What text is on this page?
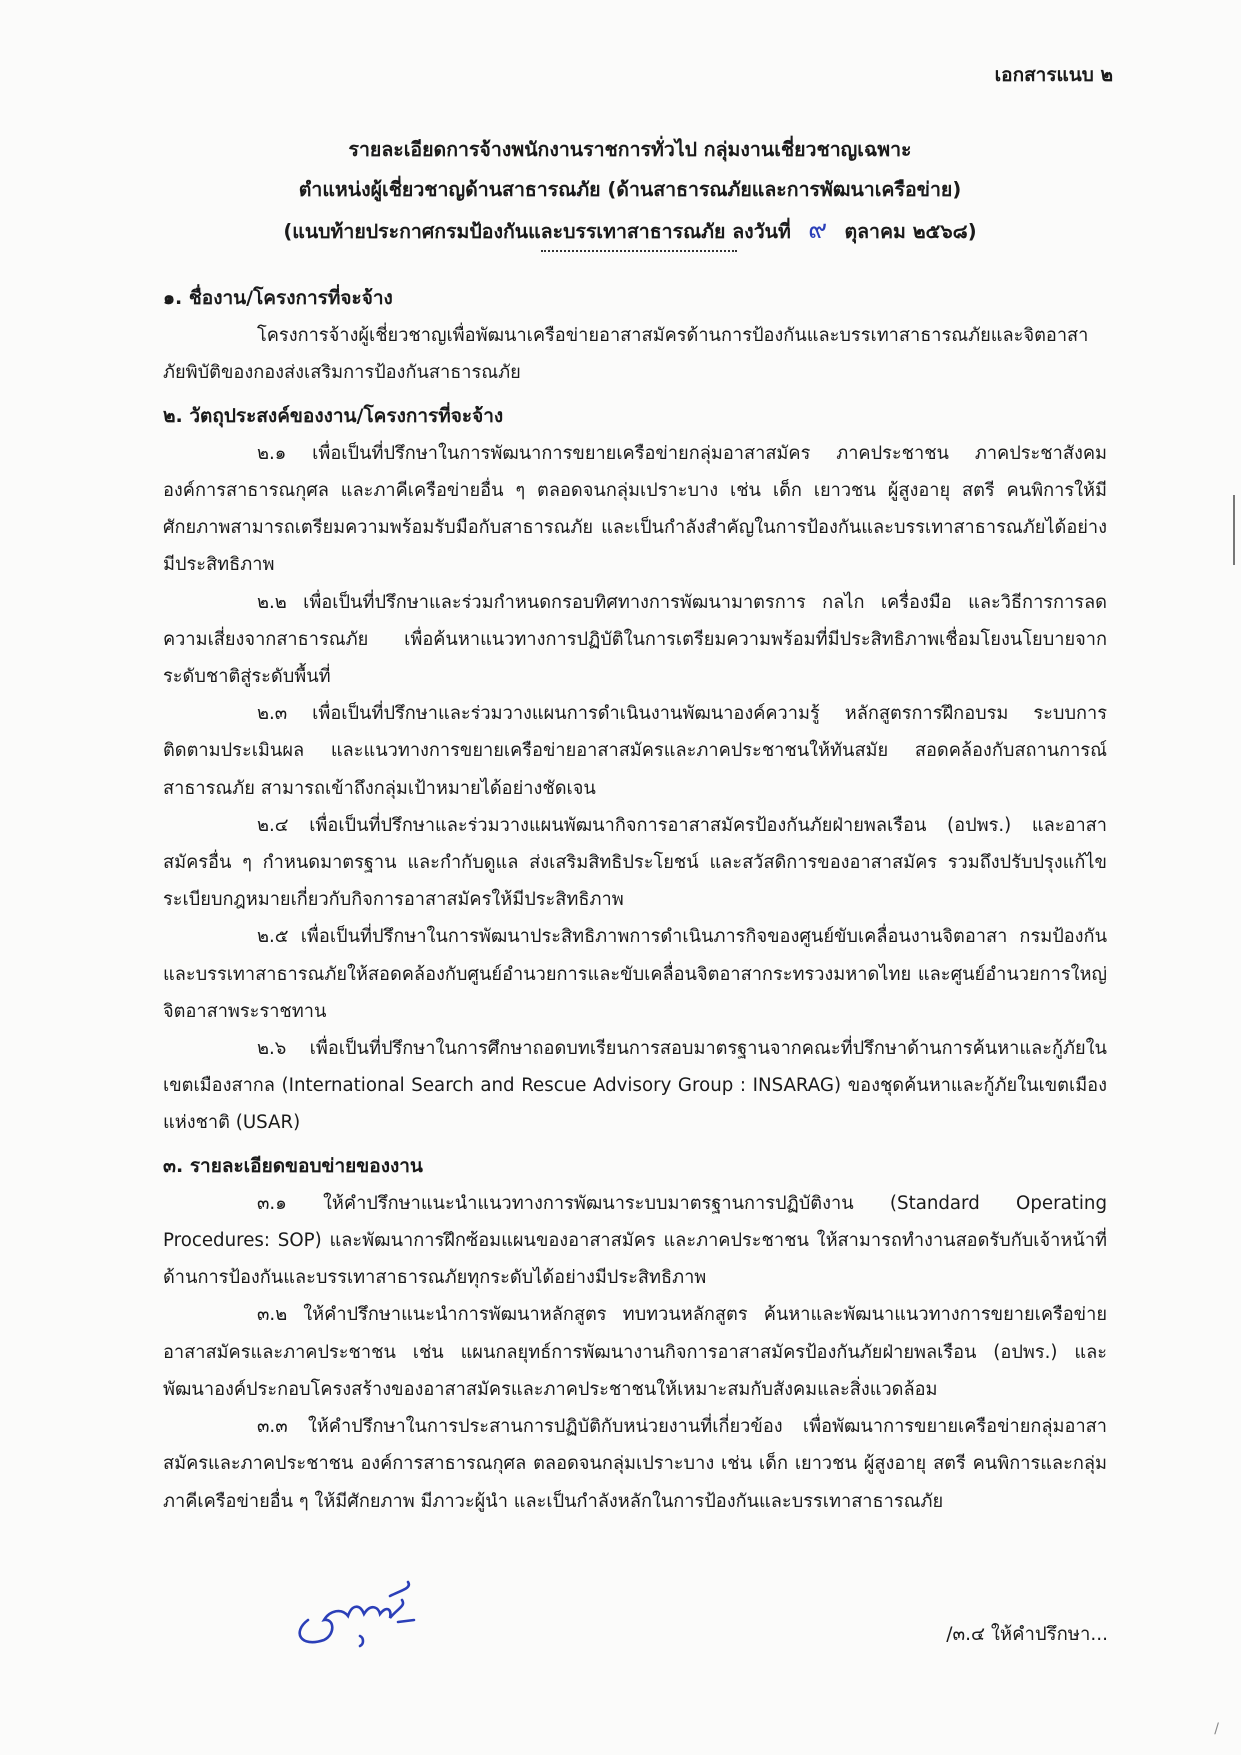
เอกสารแนบ ๒
รายละเอียดการจ้างพนักงานราชการทั่วไป กลุ่มงานเชี่ยวชาญเฉพาะ
ตำแหน่งผู้เชี่ยวชาญด้านสาธารณภัย (ด้านสาธารณภัยและการพัฒนาเครือข่าย)
(แนบท้ายประกาศกรมป้องกันและบรรเทาสาธารณภัย ลงวันที่ ๙ ตุลาคม ๒๕๖๘)

๑. ชื่องาน/โครงการที่จะจ้าง

โครงการจ้างผู้เชี่ยวชาญเพื่อพัฒนาเครือข่ายอาสาสมัครด้านการป้องกันและบรรเทาสาธารณภัยและจิตอาสาภัยพิบัติของกองส่งเสริมการป้องกันสาธารณภัย

๒. วัตถุประสงค์ของงาน/โครงการที่จะจ้าง

๒.๑ เพื่อเป็นที่ปรึกษาในการพัฒนาการขยายเครือข่ายกลุ่มอาสาสมัคร ภาคประชาชน ภาคประชาสังคม องค์การสาธารณกุศล และภาคีเครือข่ายอื่น ๆ ตลอดจนกลุ่มเปราะบาง เช่น เด็ก เยาวชน ผู้สูงอายุ สตรี คนพิการให้มีศักยภาพสามารถเตรียมความพร้อมรับมือกับสาธารณภัย และเป็นกำลังสำคัญในการป้องกันและบรรเทาสาธารณภัยได้อย่างมีประสิทธิภาพ

๒.๒ เพื่อเป็นที่ปรึกษาและร่วมกำหนดกรอบทิศทางการพัฒนามาตรการ กลไก เครื่องมือ และวิธีการการลดความเสี่ยงจากสาธารณภัย เพื่อค้นหาแนวทางการปฏิบัติในการเตรียมความพร้อมที่มีประสิทธิภาพเชื่อมโยงนโยบายจากระดับชาติสู่ระดับพื้นที่

๒.๓ เพื่อเป็นที่ปรึกษาและร่วมวางแผนการดำเนินงานพัฒนาองค์ความรู้ หลักสูตรการฝึกอบรม ระบบการติดตามประเมินผล และแนวทางการขยายเครือข่ายอาสาสมัครและภาคประชาชนให้ทันสมัย สอดคล้องกับสถานการณ์สาธารณภัย สามารถเข้าถึงกลุ่มเป้าหมายได้อย่างชัดเจน

๒.๔ เพื่อเป็นที่ปรึกษาและร่วมวางแผนพัฒนากิจการอาสาสมัครป้องกันภัยฝ่ายพลเรือน (อปพร.) และอาสาสมัครอื่น ๆ กำหนดมาตรฐาน และกำกับดูแล ส่งเสริมสิทธิประโยชน์ และสวัสดิการของอาสาสมัคร รวมถึงปรับปรุงแก้ไขระเบียบกฎหมายเกี่ยวกับกิจการอาสาสมัครให้มีประสิทธิภาพ

๒.๕ เพื่อเป็นที่ปรึกษาในการพัฒนาประสิทธิภาพการดำเนินภารกิจของศูนย์ขับเคลื่อนงานจิตอาสา กรมป้องกันและบรรเทาสาธารณภัยให้สอดคล้องกับศูนย์อำนวยการและขับเคลื่อนจิตอาสากระทรวงมหาดไทย และศูนย์อำนวยการใหญ่จิตอาสาพระราชทาน

๒.๖ เพื่อเป็นที่ปรึกษาในการศึกษาถอดบทเรียนการสอบมาตรฐานจากคณะที่ปรึกษาด้านการค้นหาและกู้ภัยในเขตเมืองสากล (International Search and Rescue Advisory Group : INSARAG) ของชุดค้นหาและกู้ภัยในเขตเมืองแห่งชาติ (USAR)

๓. รายละเอียดขอบข่ายของงาน

๓.๑ ให้คำปรึกษาแนะนำแนวทางการพัฒนาระบบมาตรฐานการปฏิบัติงาน (Standard Operating Procedures: SOP) และพัฒนาการฝึกซ้อมแผนของอาสาสมัคร และภาคประชาชน ให้สามารถทำงานสอดรับกับเจ้าหน้าที่ด้านการป้องกันและบรรเทาสาธารณภัยทุกระดับได้อย่างมีประสิทธิภาพ

๓.๒ ให้คำปรึกษาแนะนำการพัฒนาหลักสูตร ทบทวนหลักสูตร ค้นหาและพัฒนาแนวทางการขยายเครือข่ายอาสาสมัครและภาคประชาชน เช่น แผนกลยุทธ์การพัฒนางานกิจการอาสาสมัครป้องกันภัยฝ่ายพลเรือน (อปพร.) และพัฒนาองค์ประกอบโครงสร้างของอาสาสมัครและภาคประชาชนให้เหมาะสมกับสังคมและสิ่งแวดล้อม

๓.๓ ให้คำปรึกษาในการประสานการปฏิบัติกับหน่วยงานที่เกี่ยวข้อง เพื่อพัฒนาการขยายเครือข่ายกลุ่มอาสาสมัครและภาคประชาชน องค์การสาธารณกุศล ตลอดจนกลุ่มเปราะบาง เช่น เด็ก เยาวชน ผู้สูงอายุ สตรี คนพิการและกลุ่มภาคีเครือข่ายอื่น ๆ ให้มีศักยภาพ มีภาวะผู้นำ และเป็นกำลังหลักในการป้องกันและบรรเทาสาธารณภัย

/๓.๔ ให้คำปรึกษา...
/
